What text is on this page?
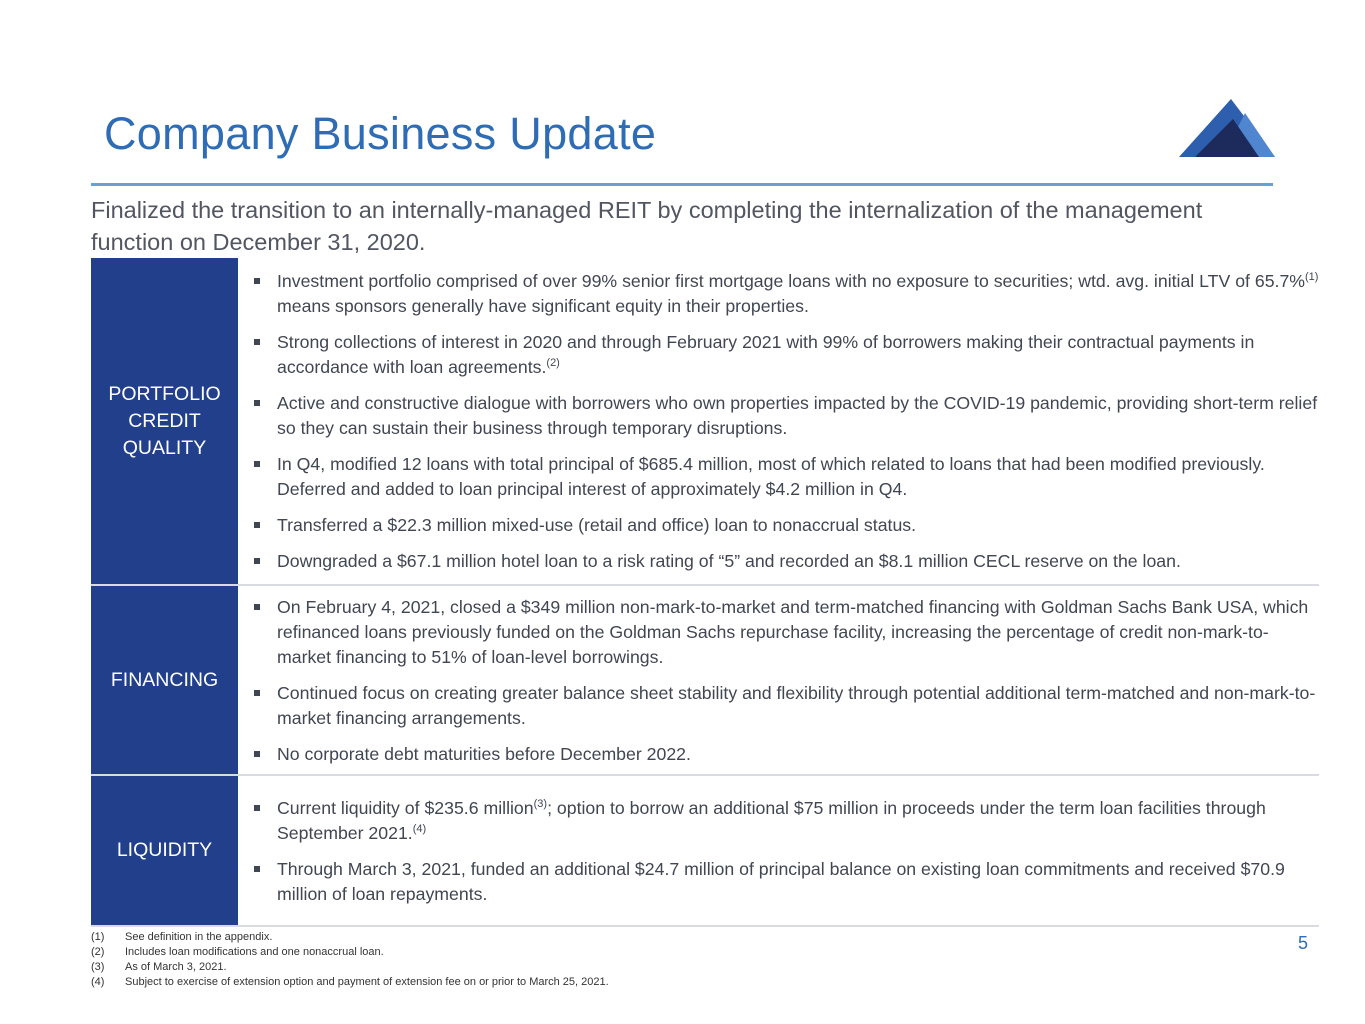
Company Business Update
Finalized the transition to an internally-managed REIT by completing the internalization of the management function on December 31, 2020.
PORTFOLIO
CREDIT
QUALITY
Investment portfolio comprised of over 99% senior first mortgage loans with no exposure to securities; wtd. avg. initial LTV of 65.7%$^{(1)}$ means sponsors generally have significant equity in their properties.
Strong collections of interest in 2020 and through February 2021 with 99% of borrowers making their contractual payments in accordance with loan agreements.$^{(2)}$
Active and constructive dialogue with borrowers who own properties impacted by the COVID-19 pandemic, providing short-term relief so they can sustain their business through temporary disruptions.
In Q4, modified 12 loans with total principal of $685.4 million, most of which related to loans that had been modified previously. Deferred and added to loan principal interest of approximately $4.2 million in Q4.
Transferred a $22.3 million mixed-use (retail and office) loan to nonaccrual status.
Downgraded a $67.1 million hotel loan to a risk rating of “5” and recorded an $8.1 million CECL reserve on the loan.
FINANCING
On February 4, 2021, closed a $349 million non-mark-to-market and term-matched financing with Goldman Sachs Bank USA, which refinanced loans previously funded on the Goldman Sachs repurchase facility, increasing the percentage of credit non-mark-to-market financing to 51% of loan-level borrowings.
Continued focus on creating greater balance sheet stability and flexibility through potential additional term-matched and non-mark-to-market financing arrangements.
No corporate debt maturities before December 2022.
LIQUIDITY
Current liquidity of $235.6 million$^{(3)}$; option to borrow an additional $75 million in proceeds under the term loan facilities through September 2021.$^{(4)}$
Through March 3, 2021, funded an additional $24.7 million of principal balance on existing loan commitments and received $70.9 million of loan repayments.
(1)	See definition in the appendix.
(2)	Includes loan modifications and one nonaccrual loan.
(3)	As of March 3, 2021.
(4)	Subject to exercise of extension option and payment of extension fee on or prior to March 25, 2021.
5
